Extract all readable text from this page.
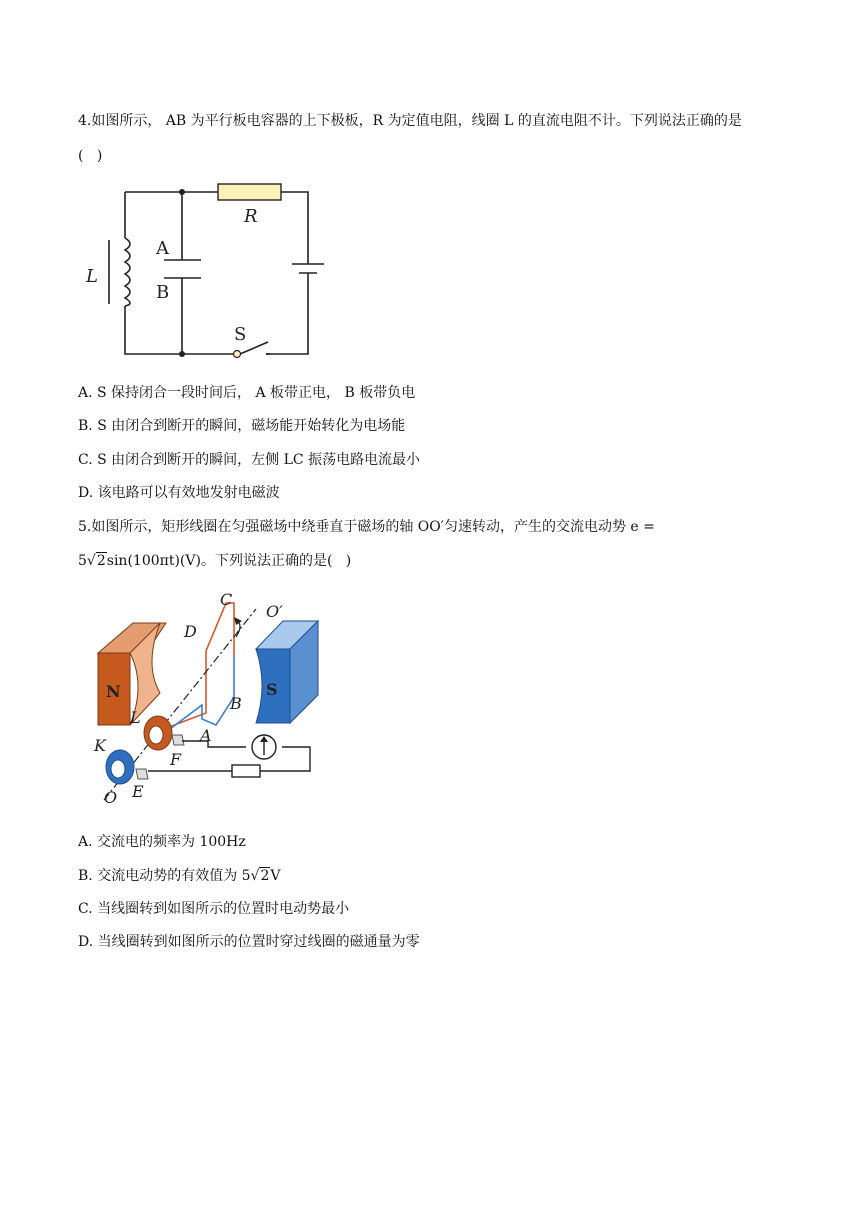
4.如图所示， AB 为平行板电容器的上下极板，R 为定值电阻，线圈 L 的直流电阻不计。下列说法正确的是
(   )
L
A
B
R
S
A. S 保持闭合一段时间后， A 板带正电， B 板带负电
B. S 由闭合到断开的瞬间，磁场能开始转化为电场能
C. S 由闭合到断开的瞬间，左侧 LC 振荡电路电流最小
D. 该电路可以有效地发射电磁波
5.如图所示，矩形线圈在匀强磁场中绕垂直于磁场的轴 OO′匀速转动，产生的交流电动势 e =
5√2sin(100πt)(V)。下列说法正确的是(   )
N	S
C
D
O′
B
L
A
K
F
O E
A. 交流电的频率为 100Hz
B. 交流电动势的有效值为 5√2V
C. 当线圈转到如图所示的位置时电动势最小
D. 当线圈转到如图所示的位置时穿过线圈的磁通量为零
